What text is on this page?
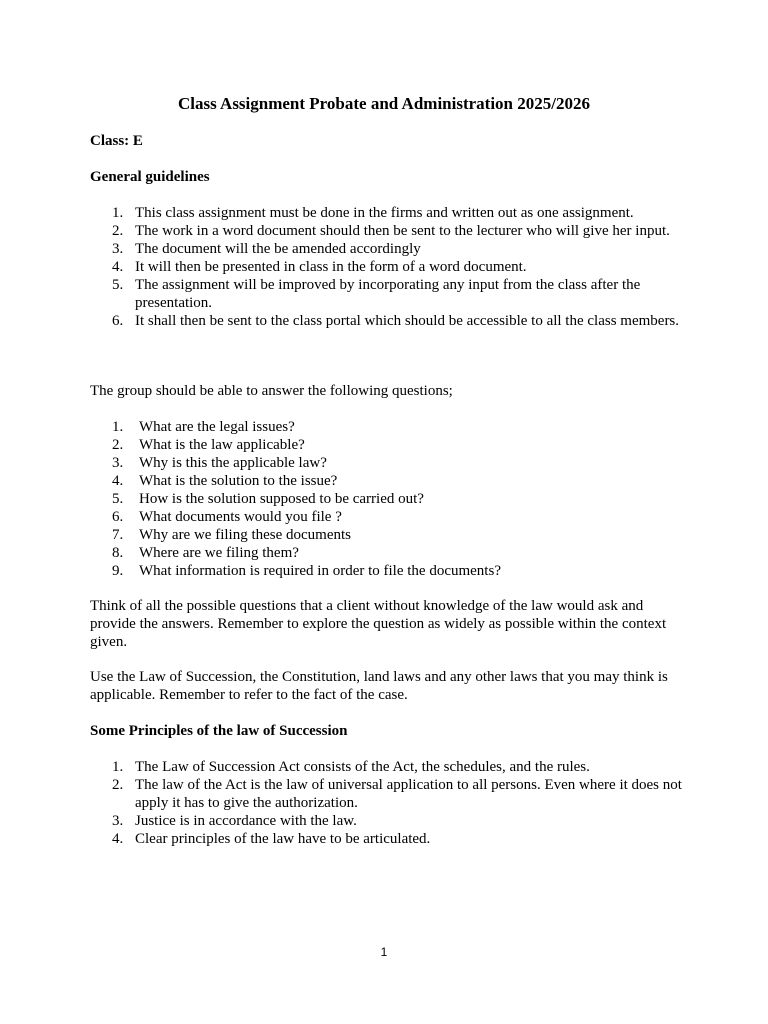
Class Assignment Probate and Administration 2025/2026

Class: E

General guidelines

1. This class assignment must be done in the firms and written out as one assignment.
2. The work in a word document should then be sent to the lecturer who will give her input.
3. The document will the be amended accordingly
4. It will then be presented in class in the form of a word document.
5. The assignment will be improved by incorporating any input from the class after the presentation.
6. It shall then be sent to the class portal which should be accessible to all the class members.

The group should be able to answer the following questions;

1. What are the legal issues?
2. What is the law applicable?
3. Why is this the applicable law?
4. What is the solution to the issue?
5. How is the solution supposed to be carried out?
6. What documents would you file ?
7. Why are we filing these documents
8. Where are we filing them?
9. What information is required in order to file the documents?

Think of all the possible questions that a client without knowledge of the law would ask and provide the answers. Remember to explore the question as widely as possible within the context given.

Use the Law of Succession, the Constitution, land laws and any other laws that you may think is applicable. Remember to refer to the fact of the case.

Some Principles of the law of Succession

1. The Law of Succession Act consists of the Act, the schedules, and the rules.
2. The law of the Act is the law of universal application to all persons. Even where it does not apply it has to give the authorization.
3. Justice is in accordance with the law.
4. Clear principles of the law have to be articulated.
1
